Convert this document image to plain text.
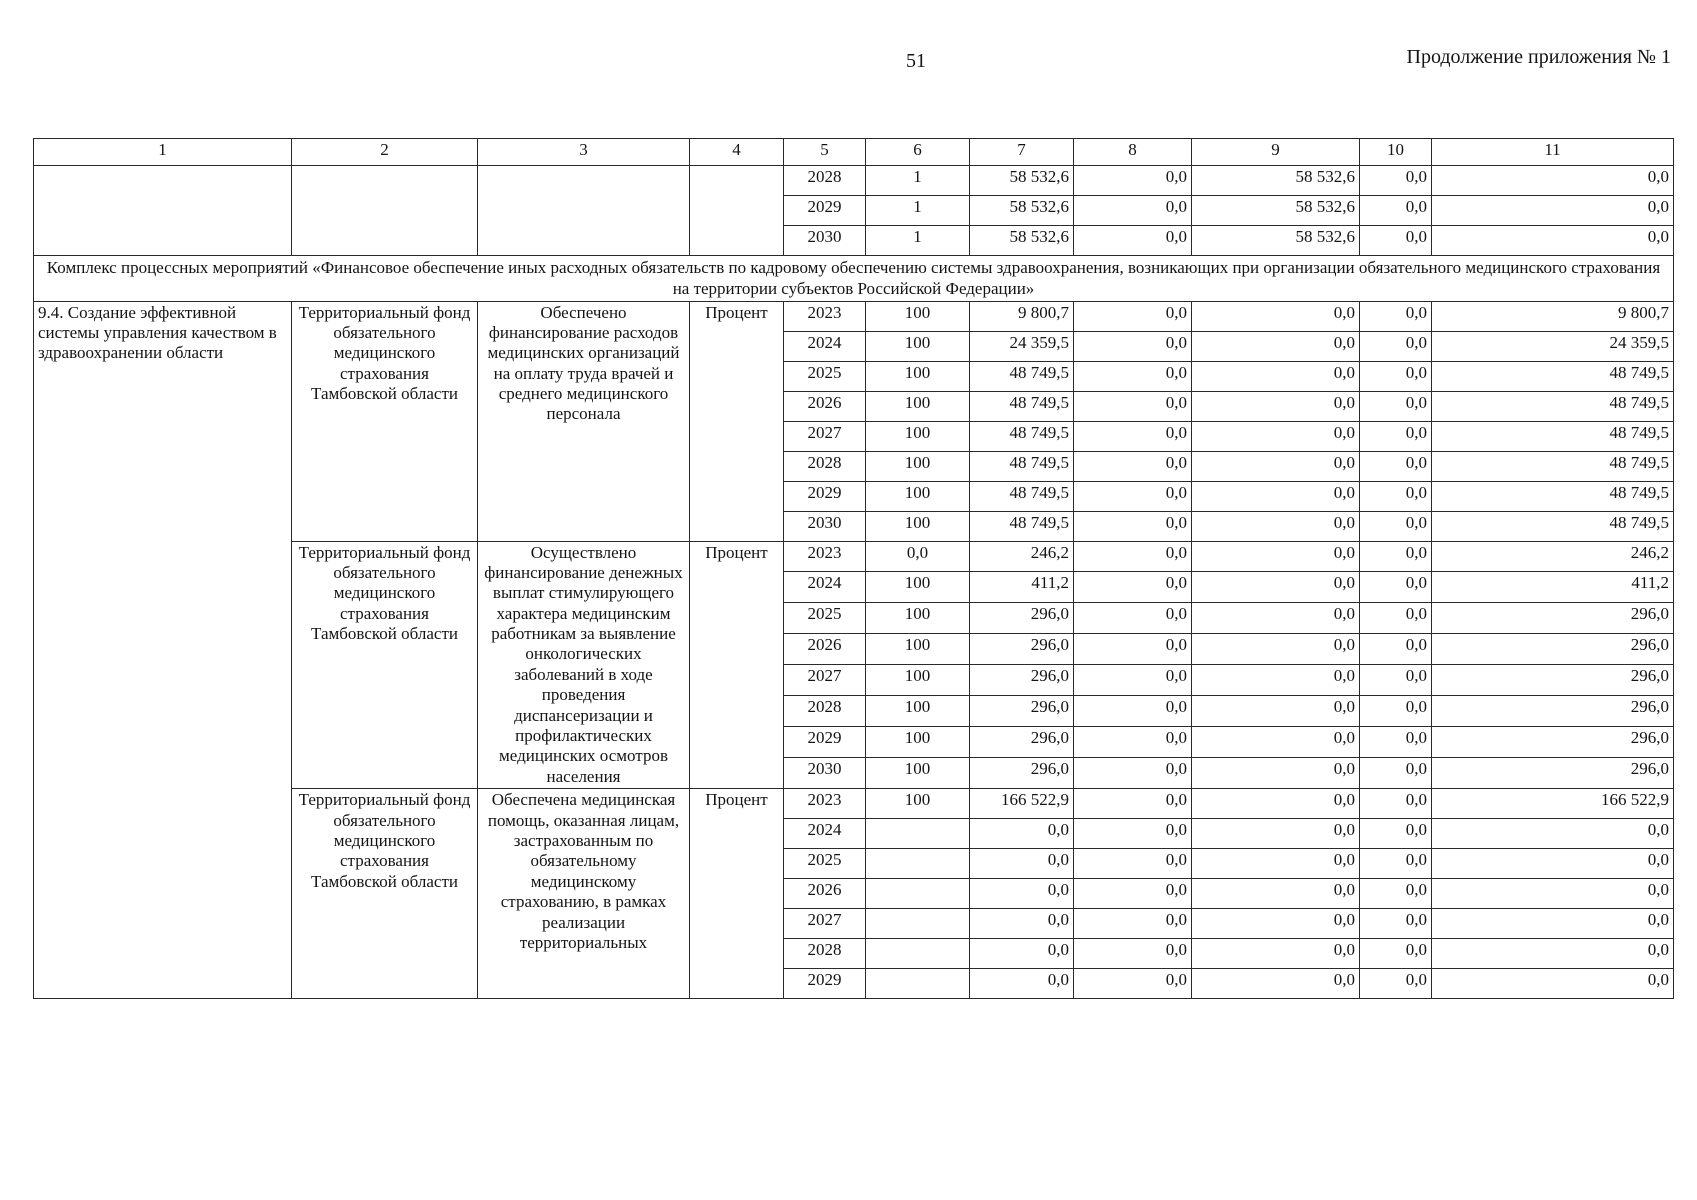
51	Продолжение приложения № 1
1	2	3	4	5	6	7	8	9	10	11
				2028	1	58 532,6	0,0	58 532,6	0,0	0,0
				2029	1	58 532,6	0,0	58 532,6	0,0	0,0
				2030	1	58 532,6	0,0	58 532,6	0,0	0,0
Комплекс процессных мероприятий «Финансовое обеспечение иных расходных обязательств по кадровому обеспечению системы здравоохранения, возникающих при организации обязательного медицинского страхования на территории субъектов Российской Федерации»										
9.4. Создание эффективной системы управления качеством в здравоохранении области	Территориальный фонд обязательного медицинского страхования Тамбовской области	Обеспечено финансирование расходов медицинских организаций на оплату труда врачей и среднего медицинского персонала	Процент	2023	100	9 800,7	0,0	0,0	0,0	9 800,7
				2024	100	24 359,5	0,0	0,0	0,0	24 359,5
				2025	100	48 749,5	0,0	0,0	0,0	48 749,5
				2026	100	48 749,5	0,0	0,0	0,0	48 749,5
				2027	100	48 749,5	0,0	0,0	0,0	48 749,5
				2028	100	48 749,5	0,0	0,0	0,0	48 749,5
				2029	100	48 749,5	0,0	0,0	0,0	48 749,5
				2030	100	48 749,5	0,0	0,0	0,0	48 749,5
	Территориальный фонд обязательного медицинского страхования Тамбовской области	Осуществлено финансирование денежных выплат стимулирующего характера медицинским работникам за выявление онкологических заболеваний в ходе проведения диспансеризации и профилактических медицинских осмотров населения	Процент	2023	0,0	246,2	0,0	0,0	0,0	246,2
				2024	100	411,2	0,0	0,0	0,0	411,2
				2025	100	296,0	0,0	0,0	0,0	296,0
				2026	100	296,0	0,0	0,0	0,0	296,0
				2027	100	296,0	0,0	0,0	0,0	296,0
				2028	100	296,0	0,0	0,0	0,0	296,0
				2029	100	296,0	0,0	0,0	0,0	296,0
				2030	100	296,0	0,0	0,0	0,0	296,0
	Территориальный фонд обязательного медицинского страхования Тамбовской области	Обеспечена медицинская помощь, оказанная лицам, застрахованным по обязательному медицинскому страхованию, в рамках реализации территориальных	Процент	2023	100	166 522,9	0,0	0,0	0,0	166 522,9
				2024		0,0	0,0	0,0	0,0	0,0
				2025		0,0	0,0	0,0	0,0	0,0
				2026		0,0	0,0	0,0	0,0	0,0
				2027		0,0	0,0	0,0	0,0	0,0
				2028		0,0	0,0	0,0	0,0	0,0
				2029		0,0	0,0	0,0	0,0	0,0
